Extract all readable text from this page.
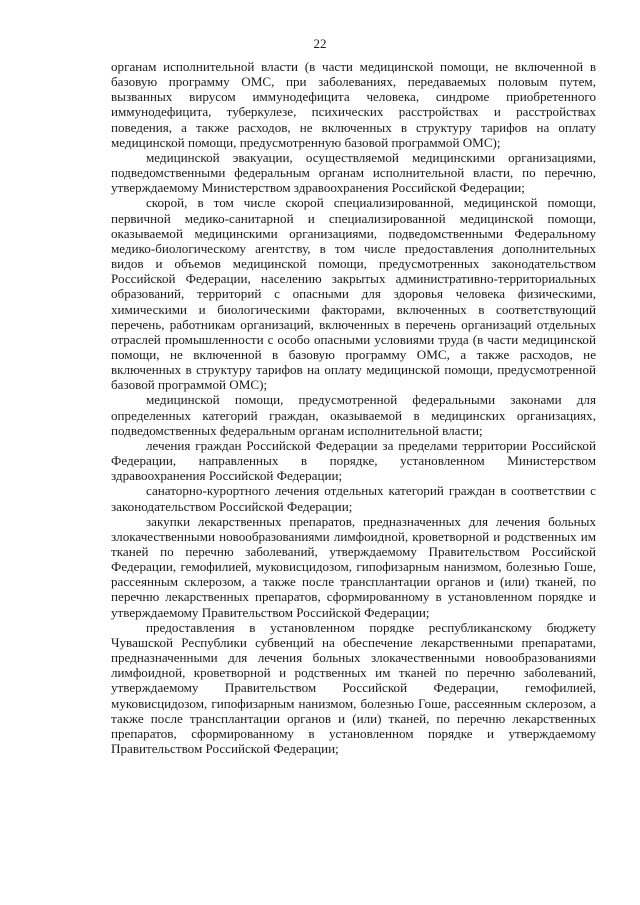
22

органам исполнительной власти (в части медицинской помощи, не включенной в базовую программу ОМС, при заболеваниях, передаваемых половым путем, вызванных вирусом иммунодефицита человека, синдроме приобретенного иммунодефицита, туберкулезе, психических расстройствах и расстройствах поведения, а также расходов, не включенных в структуру тарифов на оплату медицинской помощи, предусмотренную базовой программой ОМС);

медицинской эвакуации, осуществляемой медицинскими организациями, подведомственными федеральным органам исполнительной власти, по перечню, утверждаемому Министерством здравоохранения Российской Федерации;

скорой, в том числе скорой специализированной, медицинской помощи, первичной медико-санитарной и специализированной медицинской помощи, оказываемой медицинскими организациями, подведомственными Федеральному медико-биологическому агентству, в том числе предоставления дополнительных видов и объемов медицинской помощи, предусмотренных законодательством Российской Федерации, населению закрытых административно-территориальных образований, территорий с опасными для здоровья человека физическими, химическими и биологическими факторами, включенных в соответствующий перечень, работникам организаций, включенных в перечень организаций отдельных отраслей промышленности с особо опасными условиями труда (в части медицинской помощи, не включенной в базовую программу ОМС, а также расходов, не включенных в структуру тарифов на оплату медицинской помощи, предусмотренной базовой программой ОМС);

медицинской помощи, предусмотренной федеральными законами для определенных категорий граждан, оказываемой в медицинских организациях, подведомственных федеральным органам исполнительной власти;

лечения граждан Российской Федерации за пределами территории Российской Федерации, направленных в порядке, установленном Министерством здравоохранения Российской Федерации;

санаторно-курортного лечения отдельных категорий граждан в соответствии с законодательством Российской Федерации;

закупки лекарственных препаратов, предназначенных для лечения больных злокачественными новообразованиями лимфоидной, кроветворной и родственных им тканей по перечню заболеваний, утверждаемому Правительством Российской Федерации, гемофилией, муковисцидозом, гипофизарным нанизмом, болезнью Гоше, рассеянным склерозом, а также после трансплантации органов и (или) тканей, по перечню лекарственных препаратов, сформированному в установленном порядке и утверждаемому Правительством Российской Федерации;

предоставления в установленном порядке республиканскому бюджету Чувашской Республики субвенций на обеспечение лекарственными препаратами, предназначенными для лечения больных злокачественными новообразованиями лимфоидной, кроветворной и родственных им тканей по перечню заболеваний, утверждаемому Правительством Российской Федерации, гемофилией, муковисцидозом, гипофизарным нанизмом, болезнью Гоше, рассеянным склерозом, а также после трансплантации органов и (или) тканей, по перечню лекарственных препаратов, сформированному в установленном порядке и утверждаемому Правительством Российской Федерации;
